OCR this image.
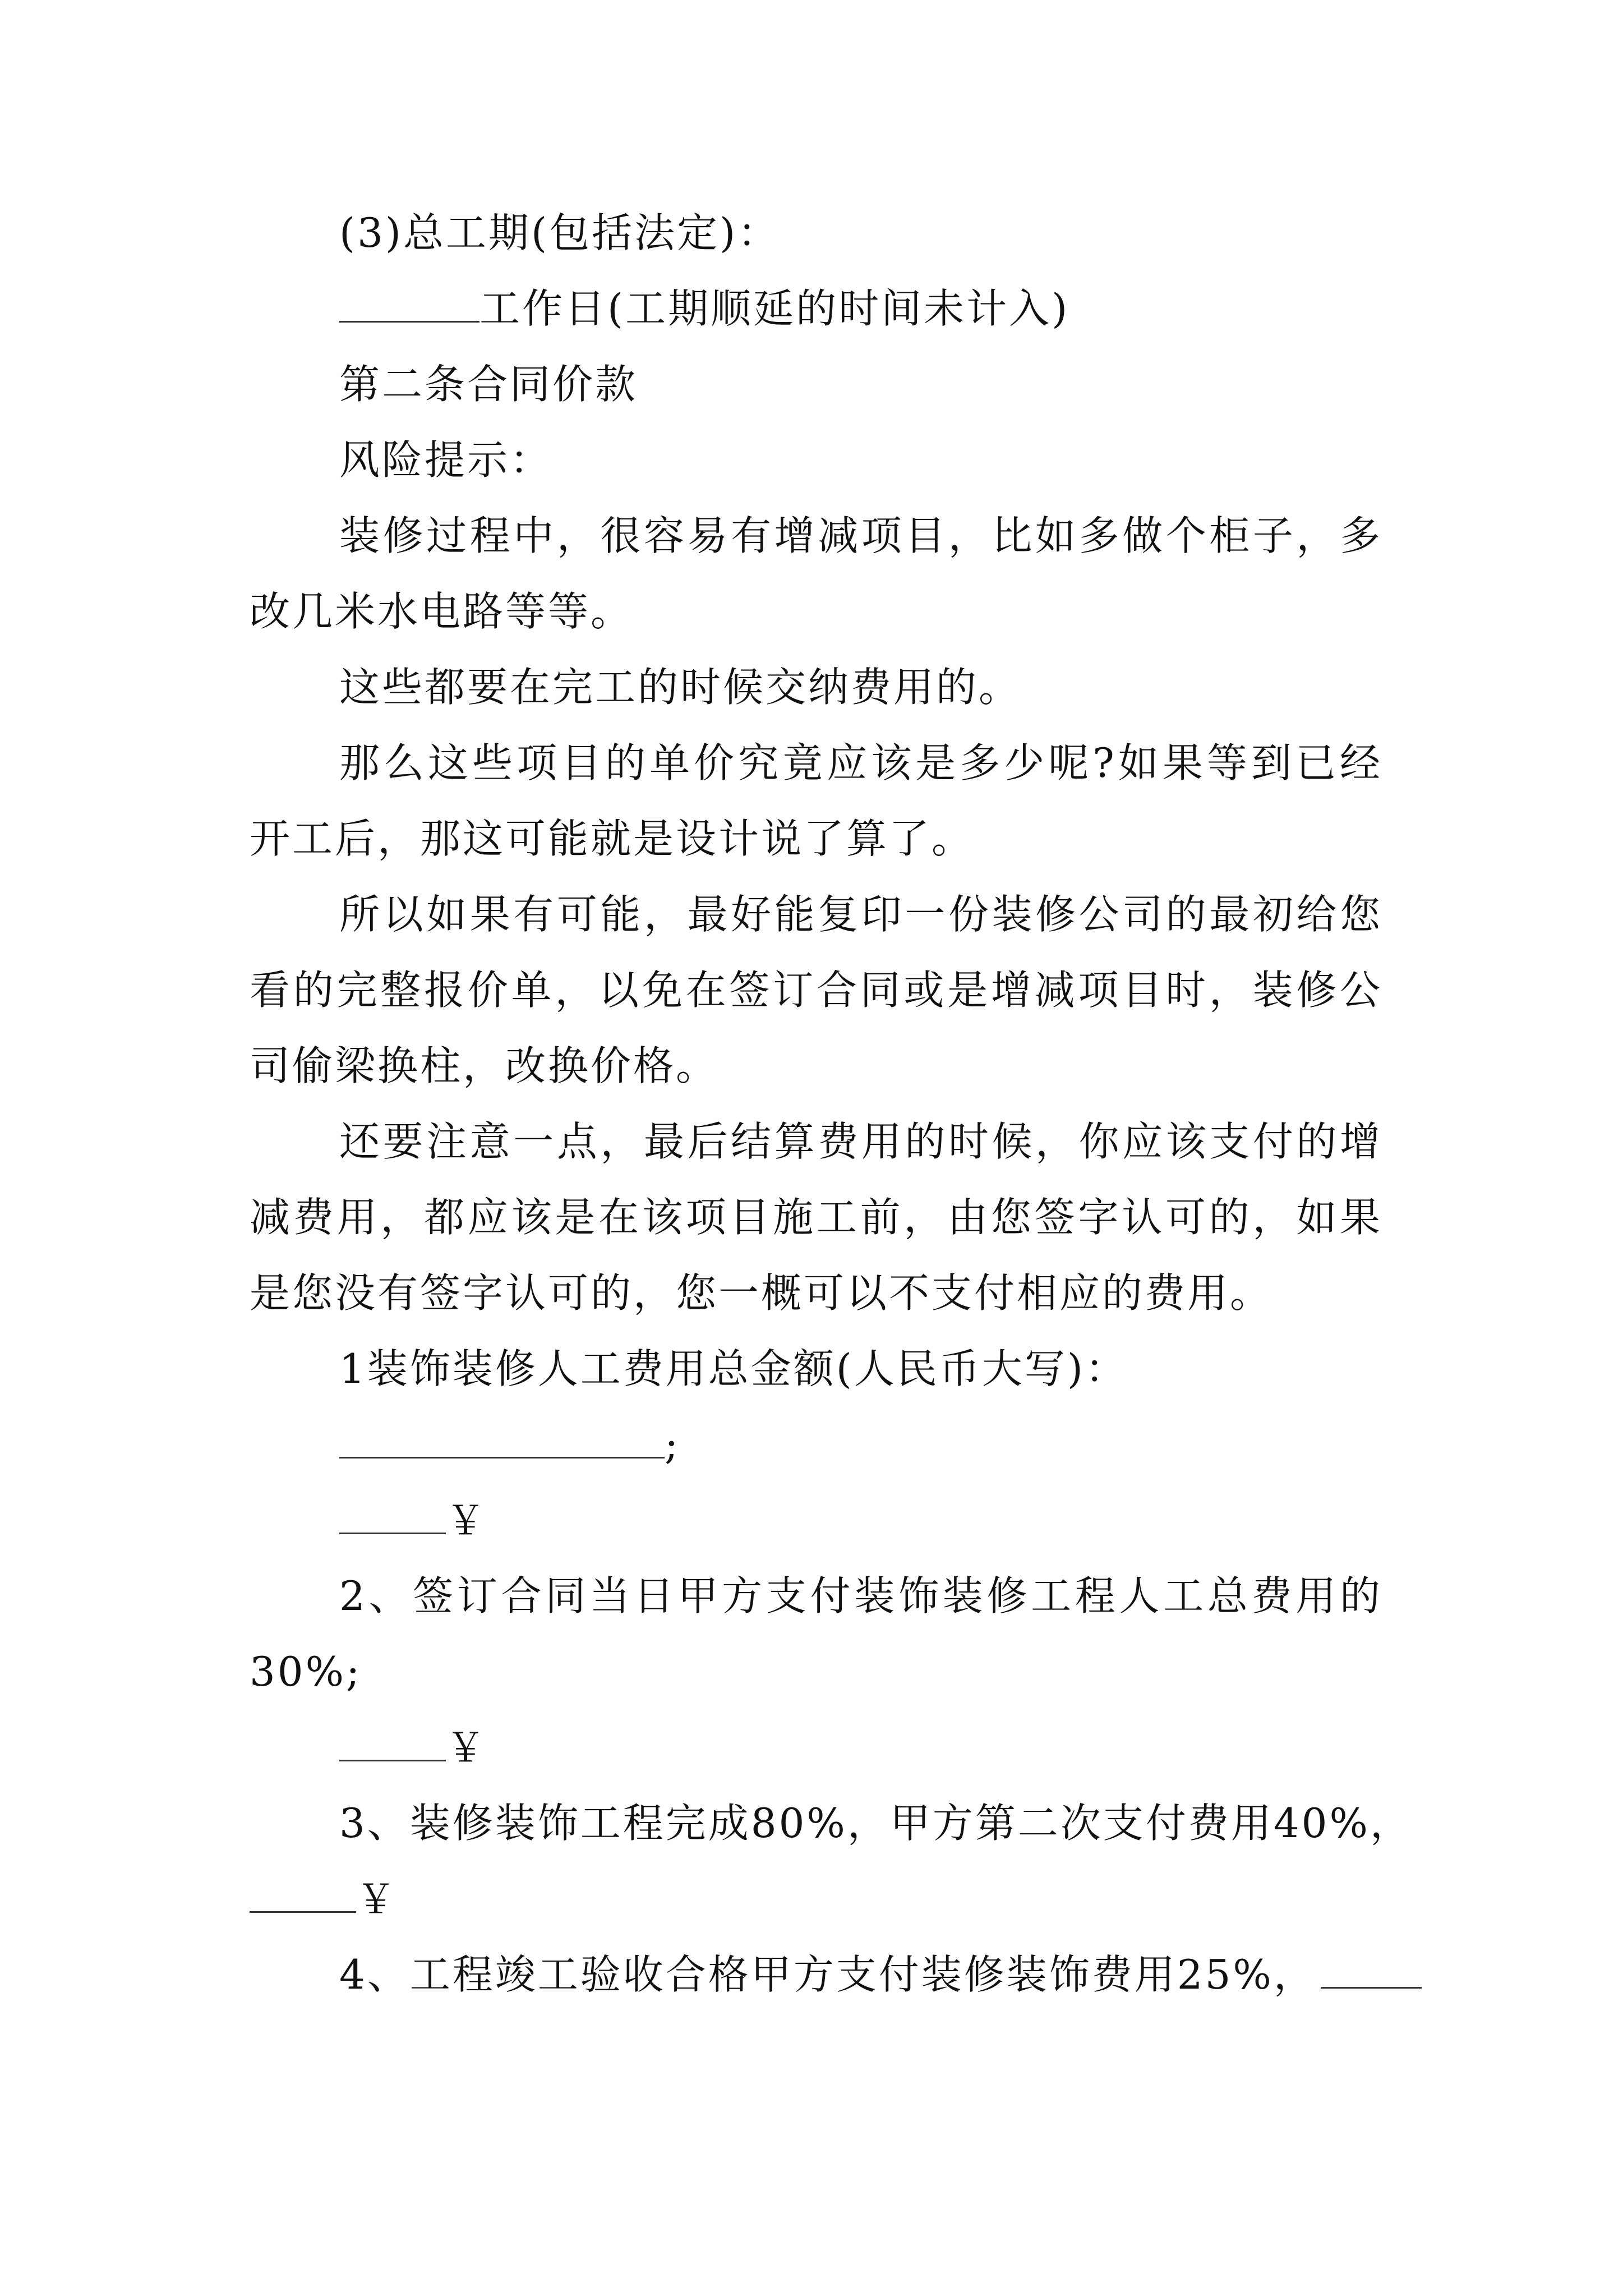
(3)总工期(包括法定)：
工作日(工期顺延的时间未计入)
第二条合同价款
风险提示：
装修过程中，很容易有增减项目，比如多做个柜子，多
改几米水电路等等。
这些都要在完工的时候交纳费用的。
那么这些项目的单价究竟应该是多少呢?如果等到已经
开工后，那这可能就是设计说了算了。
所以如果有可能，最好能复印一份装修公司的最初给您
看的完整报价单，以免在签订合同或是增减项目时，装修公
司偷梁换柱，改换价格。
还要注意一点，最后结算费用的时候，你应该支付的增
减费用，都应该是在该项目施工前，由您签字认可的，如果
是您没有签字认可的，您一概可以不支付相应的费用。
1装饰装修人工费用总金额(人民币大写)：
;
￥
2、签订合同当日甲方支付装饰装修工程人工总费用的
30%;
￥
3、装修装饰工程完成80%，甲方第二次支付费用40%，
￥
4、工程竣工验收合格甲方支付装修装饰费用25%，
